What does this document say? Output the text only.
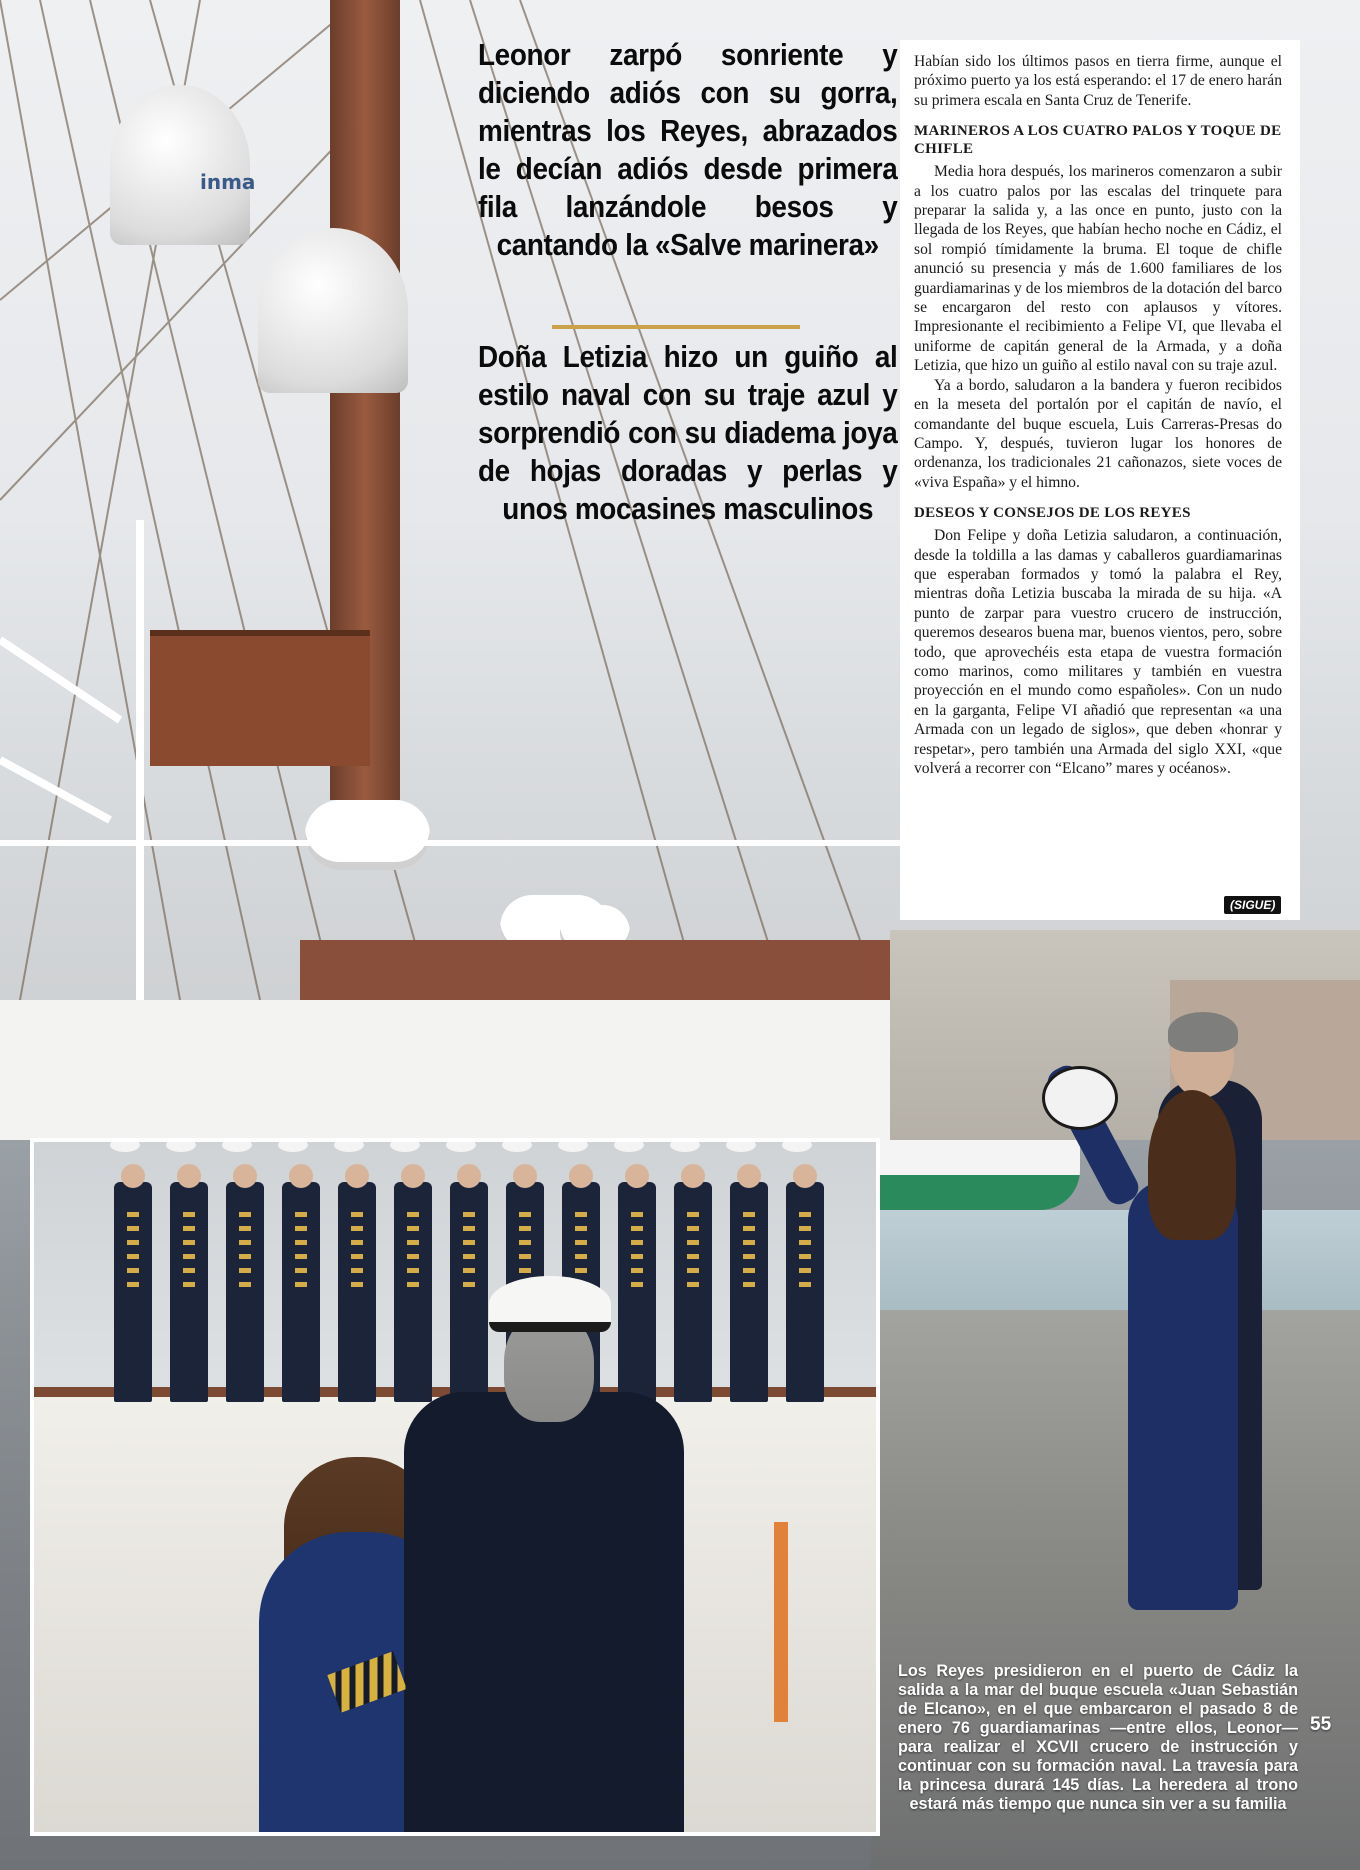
inma

Leonor zarpó sonriente y diciendo adiós con su gorra, mientras los Reyes, abrazados le decían adiós desde primera fila lanzándole besos y cantando la «Salve marinera»

Doña Letizia hizo un guiño al estilo naval con su traje azul y sorprendió con su diadema joya de hojas doradas y perlas y unos mocasines masculinos

Habían sido los últimos pasos en tierra firme, aunque el próximo puerto ya los está esperando: el 17 de enero harán su primera escala en Santa Cruz de Tenerife.

MARINEROS A LOS CUATRO PALOS Y TOQUE DE CHIFLE

Media hora después, los marineros comenzaron a subir a los cuatro palos por las escalas del trinquete para preparar la salida y, a las once en punto, justo con la llegada de los Reyes, que habían hecho noche en Cádiz, el sol rompió tímidamente la bruma. El toque de chifle anunció su presencia y más de 1.600 familiares de los guardiamarinas y de los miembros de la dotación del barco se encargaron del resto con aplausos y vítores. Impresionante el recibimiento a Felipe VI, que llevaba el uniforme de capitán general de la Armada, y a doña Letizia, que hizo un guiño al estilo naval con su traje azul.

Ya a bordo, saludaron a la bandera y fueron recibidos en la meseta del portalón por el capitán de navío, el comandante del buque escuela, Luis Carreras-Presas do Campo. Y, después, tuvieron lugar los honores de ordenanza, los tradicionales 21 cañonazos, siete voces de «viva España» y el himno.

DESEOS Y CONSEJOS DE LOS REYES

Don Felipe y doña Letizia saludaron, a continuación, desde la toldilla a las damas y caballeros guardiamarinas que esperaban formados y tomó la palabra el Rey, mientras doña Letizia buscaba la mirada de su hija. «A punto de zarpar para vuestro crucero de instrucción, queremos desearos buena mar, buenos vientos, pero, sobre todo, que aprovechéis esta etapa de vuestra formación como marinos, como militares y también en vuestra proyección en el mundo como españoles». Con un nudo en la garganta, Felipe VI añadió que representan «a una Armada con un legado de siglos», que deben «honrar y respetar», pero también una Armada del siglo XXI, «que volverá a recorrer con “Elcano” mares y océanos».

(SIGUE)

Los Reyes presidieron en el puerto de Cádiz la salida a la mar del buque escuela «Juan Sebastián de Elcano», en el que embarcaron el pasado 8 de enero 76 guardiamarinas —entre ellos, Leonor— para realizar el XCVII crucero de instrucción y continuar con su formación naval. La travesía para la princesa durará 145 días. La heredera al trono estará más tiempo que nunca sin ver a su familia

55
